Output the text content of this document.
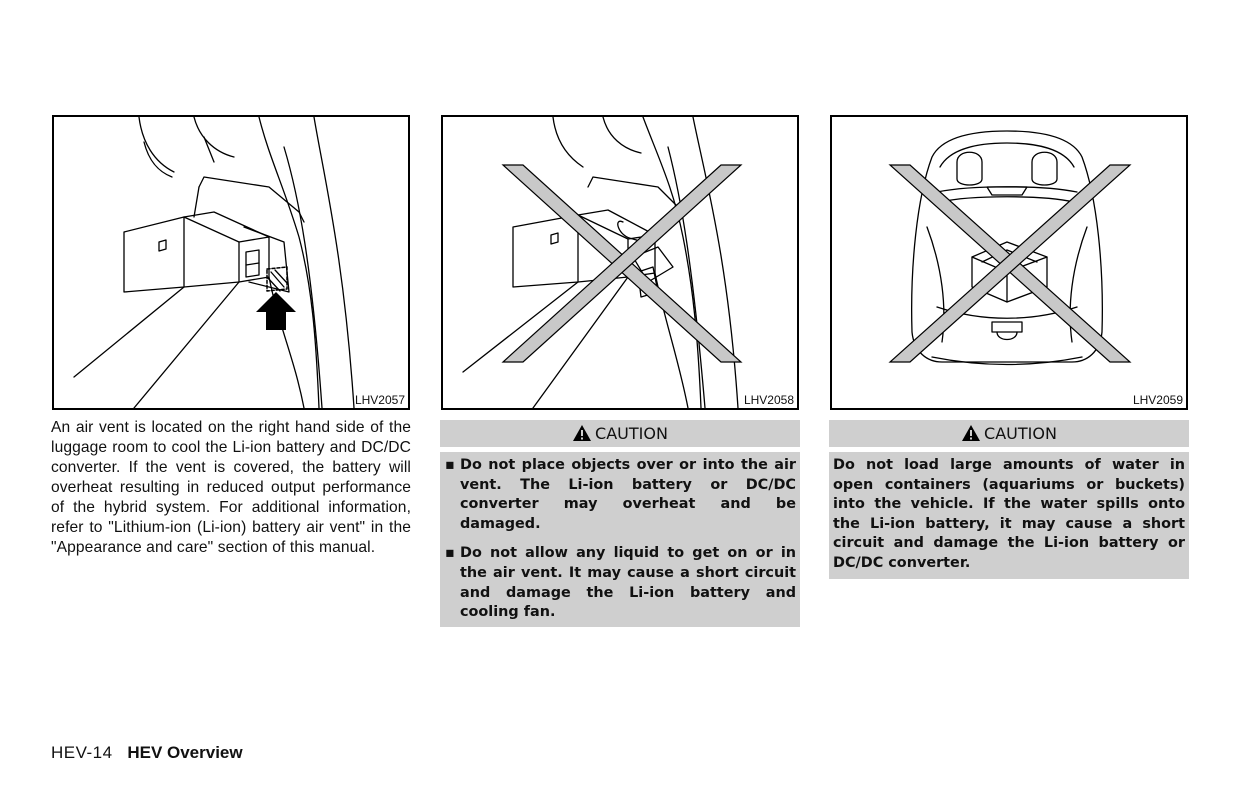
LHV2057	LHV2058	LHV2059

An air vent is located on the right hand side of the luggage room to cool the Li-ion battery and DC/DC converter. If the vent is covered, the battery will overheat resulting in reduced output performance of the hybrid system. For additional information, refer to "Lithium-ion (Li-ion) battery air vent" in the "Appearance and care" section of this manual.

CAUTION
▪ Do not place objects over or into the air vent. The Li-ion battery or DC/DC converter may overheat and be damaged.
▪ Do not allow any liquid to get on or in the air vent. It may cause a short circuit and damage the Li-ion battery and cooling fan.
CAUTION

Do not load large amounts of water in open containers (aquariums or buckets) into the vehicle. If the water spills onto the Li-ion battery, it may cause a short circuit and damage the Li-ion battery or DC/DC converter.

HEV-14 HEV Overview
